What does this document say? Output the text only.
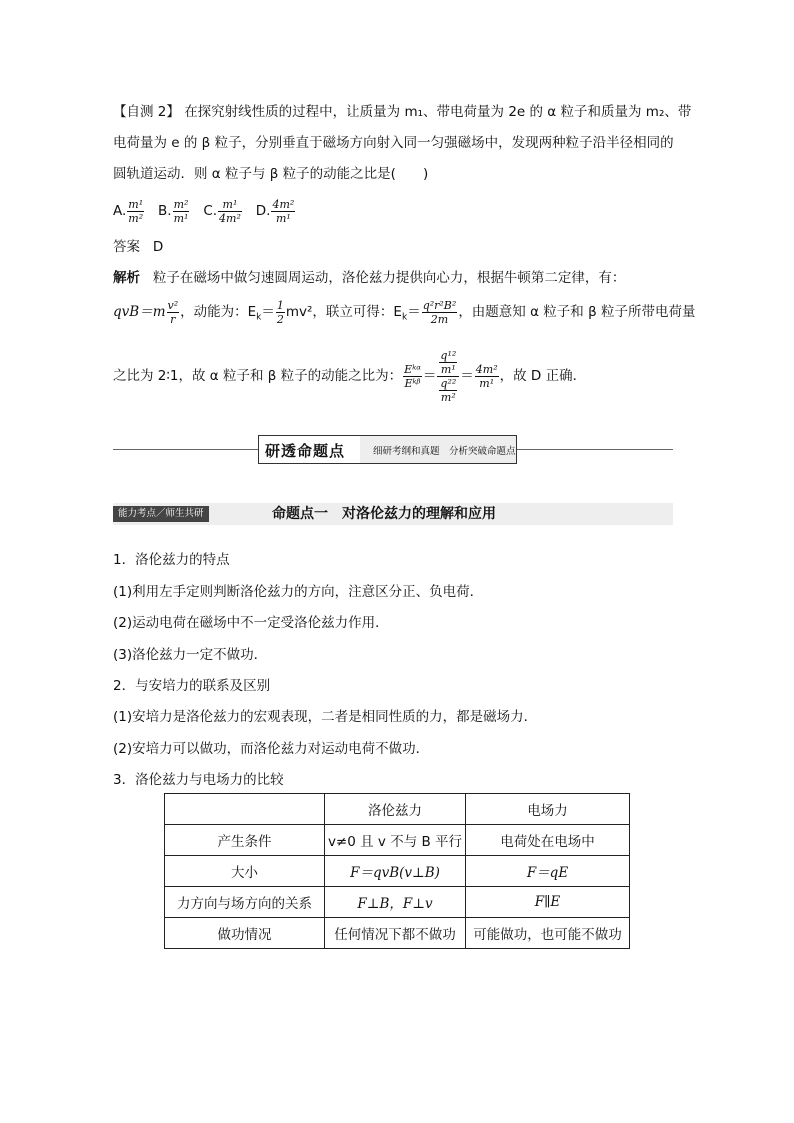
【自测 2】 在探究射线性质的过程中，让质量为 m₁、带电荷量为 2e 的 α 粒子和质量为 m₂、带
电荷量为 e 的 β 粒子，分别垂直于磁场方向射入同一匀强磁场中，发现两种粒子沿半径相同的
圆轨道运动．则 α 粒子与 β 粒子的动能之比是(　　)
A. $\frac{\text{m¹}}{\text{m²}} B$. $\frac{\text{m²}}{\text{m¹}} C$. $\frac{\text{m¹}}{\text{4m²}} D$. $\frac{\text{4m²}}{\text{m¹}}$
答案 D
解析 粒子在磁场中做匀速圆周运动，洛伦兹力提供向心力，根据牛顿第二定律，有：
$qvB=m \frac{\text{v²}}{r}$ ，动能为：$E_k= \frac{1}{2} mv^2$，联立可得：$E_k= \frac{\text{q²r²B²}}{2m}$ ，由题意知 α 粒子和 β 粒子所带电荷量
之比为 2∶1，故 α 粒子和 β 粒子的动能之比为： $\frac{\text{Eᵏᵅ}}{\text{Eᵏᵝ}} = \frac{\frac{\text{q¹²}}{\text{m¹}}}{\frac{\text{q²²}}{\text{m²}}} = \frac{\text{4m²}}{\text{m¹}}$ ，故 D 正确．
研透命题点	细研考纲和真题　分析突破命题点
能力考点／师生共研	命题点一　对洛伦兹力的理解和应用
1．洛伦兹力的特点
(1)利用左手定则判断洛伦兹力的方向，注意区分正、负电荷．
(2)运动电荷在磁场中不一定受洛伦兹力作用．
(3)洛伦兹力一定不做功．
2．与安培力的联系及区别
(1)安培力是洛伦兹力的宏观表现，二者是相同性质的力，都是磁场力．
(2)安培力可以做功，而洛伦兹力对运动电荷不做功．
3．洛伦兹力与电场力的比较
	洛伦兹力	电场力
产生条件	v≠0 且 v 不与 B 平行	电荷处在电场中
大小	F＝qvB(v⊥B)	F＝qE
力方向与场方向的关系	F⊥B，F⊥v	F∥E
做功情况	任何情况下都不做功	可能做功，也可能不做功
